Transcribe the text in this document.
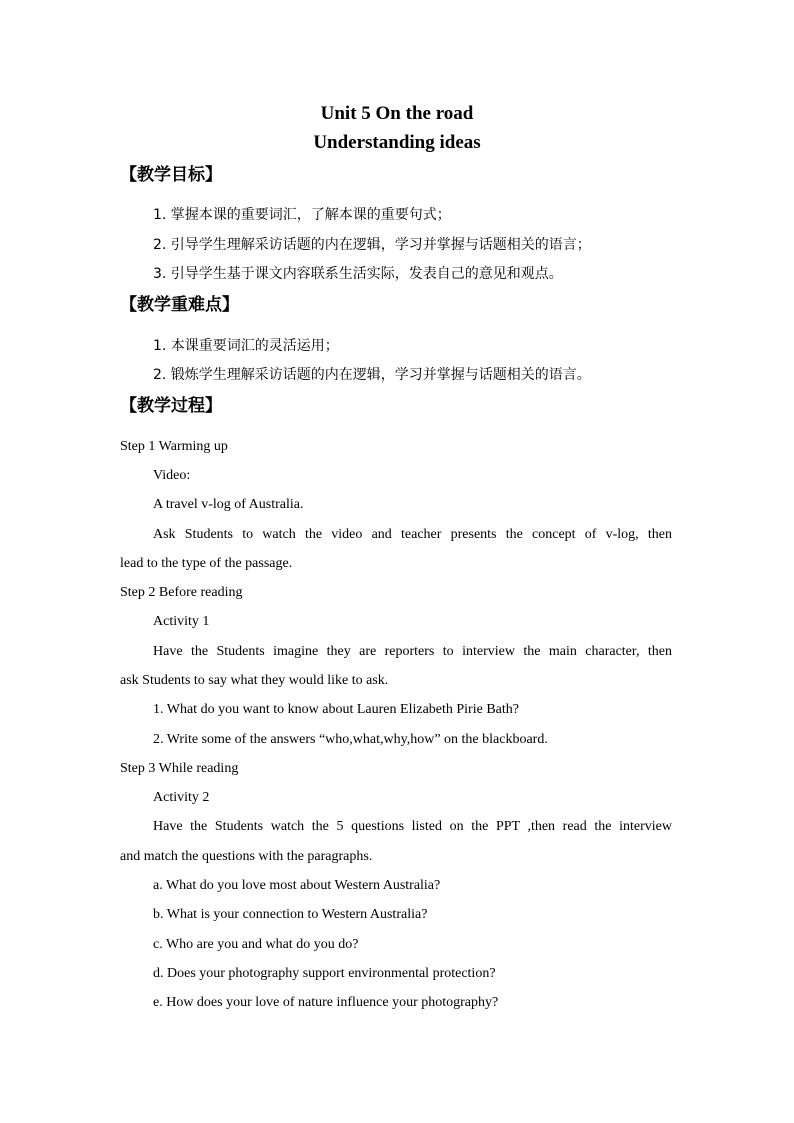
Unit 5 On the road
Understanding ideas
【教学目标】
1. 掌握本课的重要词汇，了解本课的重要句式；
2. 引导学生理解采访话题的内在逻辑，学习并掌握与话题相关的语言；
3. 引导学生基于课文内容联系生活实际，发表自己的意见和观点。
【教学重难点】
1. 本课重要词汇的灵活运用；
2. 锻炼学生理解采访话题的内在逻辑，学习并掌握与话题相关的语言。
【教学过程】
Step 1 Warming up
Video:
A travel v-log of Australia.
Ask Students to watch the video and teacher presents the concept of v-log, then
lead to the type of the passage.
Step 2 Before reading
Activity 1
Have the Students imagine they are reporters to interview the main character, then
ask Students to say what they would like to ask.
1. What do you want to know about Lauren Elizabeth Pirie Bath?
2. Write some of the answers “who,what,why,how” on the blackboard.
Step 3 While reading
Activity 2
Have the Students watch the 5 questions listed on the PPT ,then read the interview
and match the questions with the paragraphs.
a. What do you love most about Western Australia?
b. What is your connection to Western Australia?
c. Who are you and what do you do?
d. Does your photography support environmental protection?
e. How does your love of nature influence your photography?
